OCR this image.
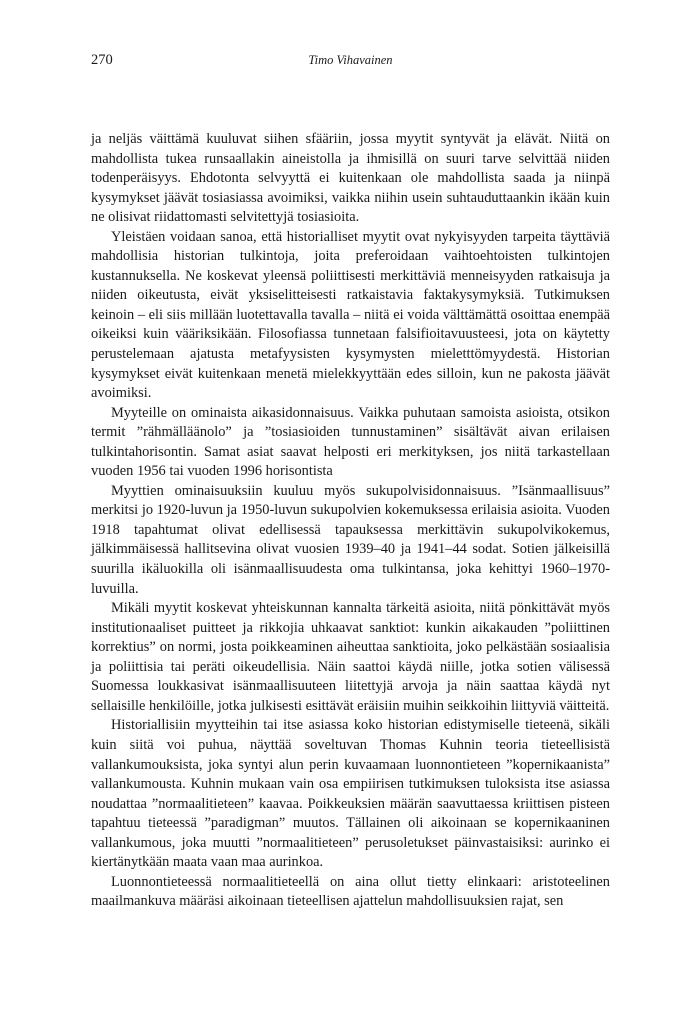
270	Timo Vihavainen

ja neljäs väittämä kuuluvat siihen sfääriin, jossa myytit syntyvät ja elävät. Niitä on mahdollista tukea runsaallakin aineistolla ja ihmisillä on suuri tarve selvittää niiden todenperäisyys. Ehdotonta selvyyttä ei kuitenkaan ole mahdollista saada ja niinpä kysymykset jäävät tosiasiassa avoimiksi, vaikka niihin usein suhtauduttaankin ikään kuin ne olisivat riidattomasti selvitettyjä tosiasioita.

Yleistäen voidaan sanoa, että historialliset myytit ovat nykyisyyden tarpeita täyttäviä mahdollisia historian tulkintoja, joita preferoidaan vaihtoehtoisten tulkintojen kustannuksella. Ne koskevat yleensä poliittisesti merkittäviä menneisyyden ratkaisuja ja niiden oikeutusta, eivät yksiselitteisesti ratkaistavia faktakysymyksiä. Tutkimuksen keinoin – eli siis millään luotettavalla tavalla – niitä ei voida välttämättä osoittaa enempää oikeiksi kuin vääriksikään. Filosofiassa tunnetaan falsifioitavuusteesi, jota on käytetty perustelemaan ajatusta metafyysisten kysymysten mieletttömyydestä. Historian kysymykset eivät kuitenkaan menetä mielekkyyttään edes silloin, kun ne pakosta jäävät avoimiksi.

Myyteille on ominaista aikasidonnaisuus. Vaikka puhutaan samoista asioista, otsikon termit ”rähmälläänolo” ja ”tosiasioiden tunnustaminen” sisältävät aivan erilaisen tulkintahorisontin. Samat asiat saavat helposti eri merkityksen, jos niitä tarkastellaan vuoden 1956 tai vuoden 1996 horisontista

Myyttien ominaisuuksiin kuuluu myös sukupolvisidonnaisuus. ”Isänmaallisuus” merkitsi jo 1920-luvun ja 1950-luvun sukupolvien kokemuksessa erilaisia asioita. Vuoden 1918 tapahtumat olivat edellisessä tapauksessa merkittävin sukupolvikokemus, jälkimmäisessä hallitsevina olivat vuosien 1939–40 ja 1941–44 sodat. Sotien jälkeisillä suurilla ikäluokilla oli isänmaallisuudesta oma tulkintansa, joka kehittyi 1960–1970-luvuilla.

Mikäli myytit koskevat yhteiskunnan kannalta tärkeitä asioita, niitä pönkittävät myös institutionaaliset puitteet ja rikkojia uhkaavat sanktiot: kunkin aikakauden ”poliittinen korrektius” on normi, josta poikkeaminen aiheuttaa sanktioita, joko pelkästään sosiaalisia ja poliittisia tai peräti oikeudellisia. Näin saattoi käydä niille, jotka sotien välisessä Suomessa loukkasivat isänmaallisuuteen liitettyjä arvoja ja näin saattaa käydä nyt sellaisille henkilöille, jotka julkisesti esittävät eräisiin muihin seikkoihin liittyviä väitteitä.

Historiallisiin myytteihin tai itse asiassa koko historian edistymiselle tieteenä, sikäli kuin siitä voi puhua, näyttää soveltuvan Thomas Kuhnin teoria tieteellisistä vallankumouksista, joka syntyi alun perin kuvaamaan luonnontieteen ”kopernikaanista” vallankumousta. Kuhnin mukaan vain osa empiirisen tutkimuksen tuloksista itse asiassa noudattaa ”normaalitieteen” kaavaa. Poikkeuksien määrän saavuttaessa kriittisen pisteen tapahtuu tieteessä ”paradigman” muutos. Tällainen oli aikoinaan se kopernikaaninen vallankumous, joka muutti ”normaalitieteen” perusoletukset päinvastaisiksi: aurinko ei kiertänytkään maata vaan maa aurinkoa.

Luonnontieteessä normaalitieteellä on aina ollut tietty elinkaari: aristoteelinen maailmankuva määräsi aikoinaan tieteellisen ajattelun mahdollisuuksien rajat, sen
